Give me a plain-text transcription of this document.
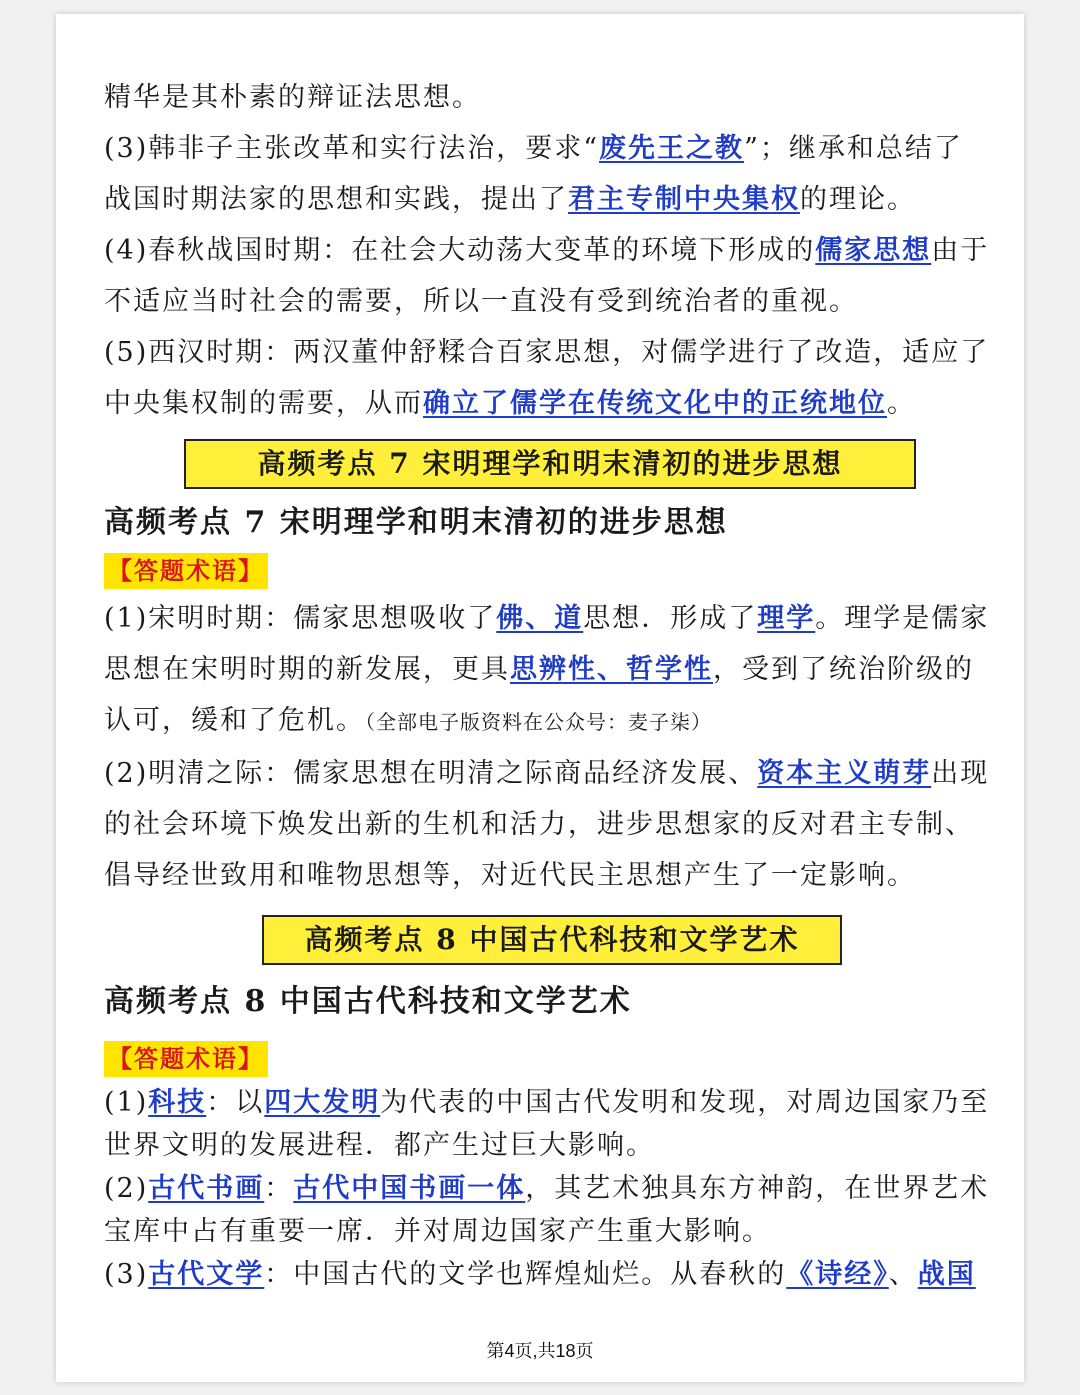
精华是其朴素的辩证法思想。

(3)韩非子主张改革和实行法治，要求“废先王之教”；继承和总结了

战国时期法家的思想和实践，提出了君主专制中央集权的理论。

(4)春秋战国时期：在社会大动荡大变革的环境下形成的儒家思想由于

不适应当时社会的需要，所以一直没有受到统治者的重视。

(5)西汉时期：两汉董仲舒糅合百家思想，对儒学进行了改造，适应了

中央集权制的需要，从而确立了儒学在传统文化中的正统地位。

高频考点 7 宋明理学和明末清初的进步思想

高频考点 7 宋明理学和明末清初的进步思想

【答题术语】

(1)宋明时期：儒家思想吸收了佛、道思想．形成了理学。理学是儒家

思想在宋明时期的新发展，更具思辨性、哲学性，受到了统治阶级的

认可，缓和了危机。（全部电子版资料在公众号：麦子柒）

(2)明清之际：儒家思想在明清之际商品经济发展、资本主义萌芽出现

的社会环境下焕发出新的生机和活力，进步思想家的反对君主专制、

倡导经世致用和唯物思想等，对近代民主思想产生了一定影响。

高频考点 8 中国古代科技和文学艺术

高频考点 8 中国古代科技和文学艺术

【答题术语】

(1)科技：以四大发明为代表的中国古代发明和发现，对周边国家乃至

世界文明的发展进程．都产生过巨大影响。

(2)古代书画：古代中国书画一体，其艺术独具东方神韵，在世界艺术

宝库中占有重要一席．并对周边国家产生重大影响。

(3)古代文学：中国古代的文学也辉煌灿烂。从春秋的《诗经》、战国

第4页,共18页
